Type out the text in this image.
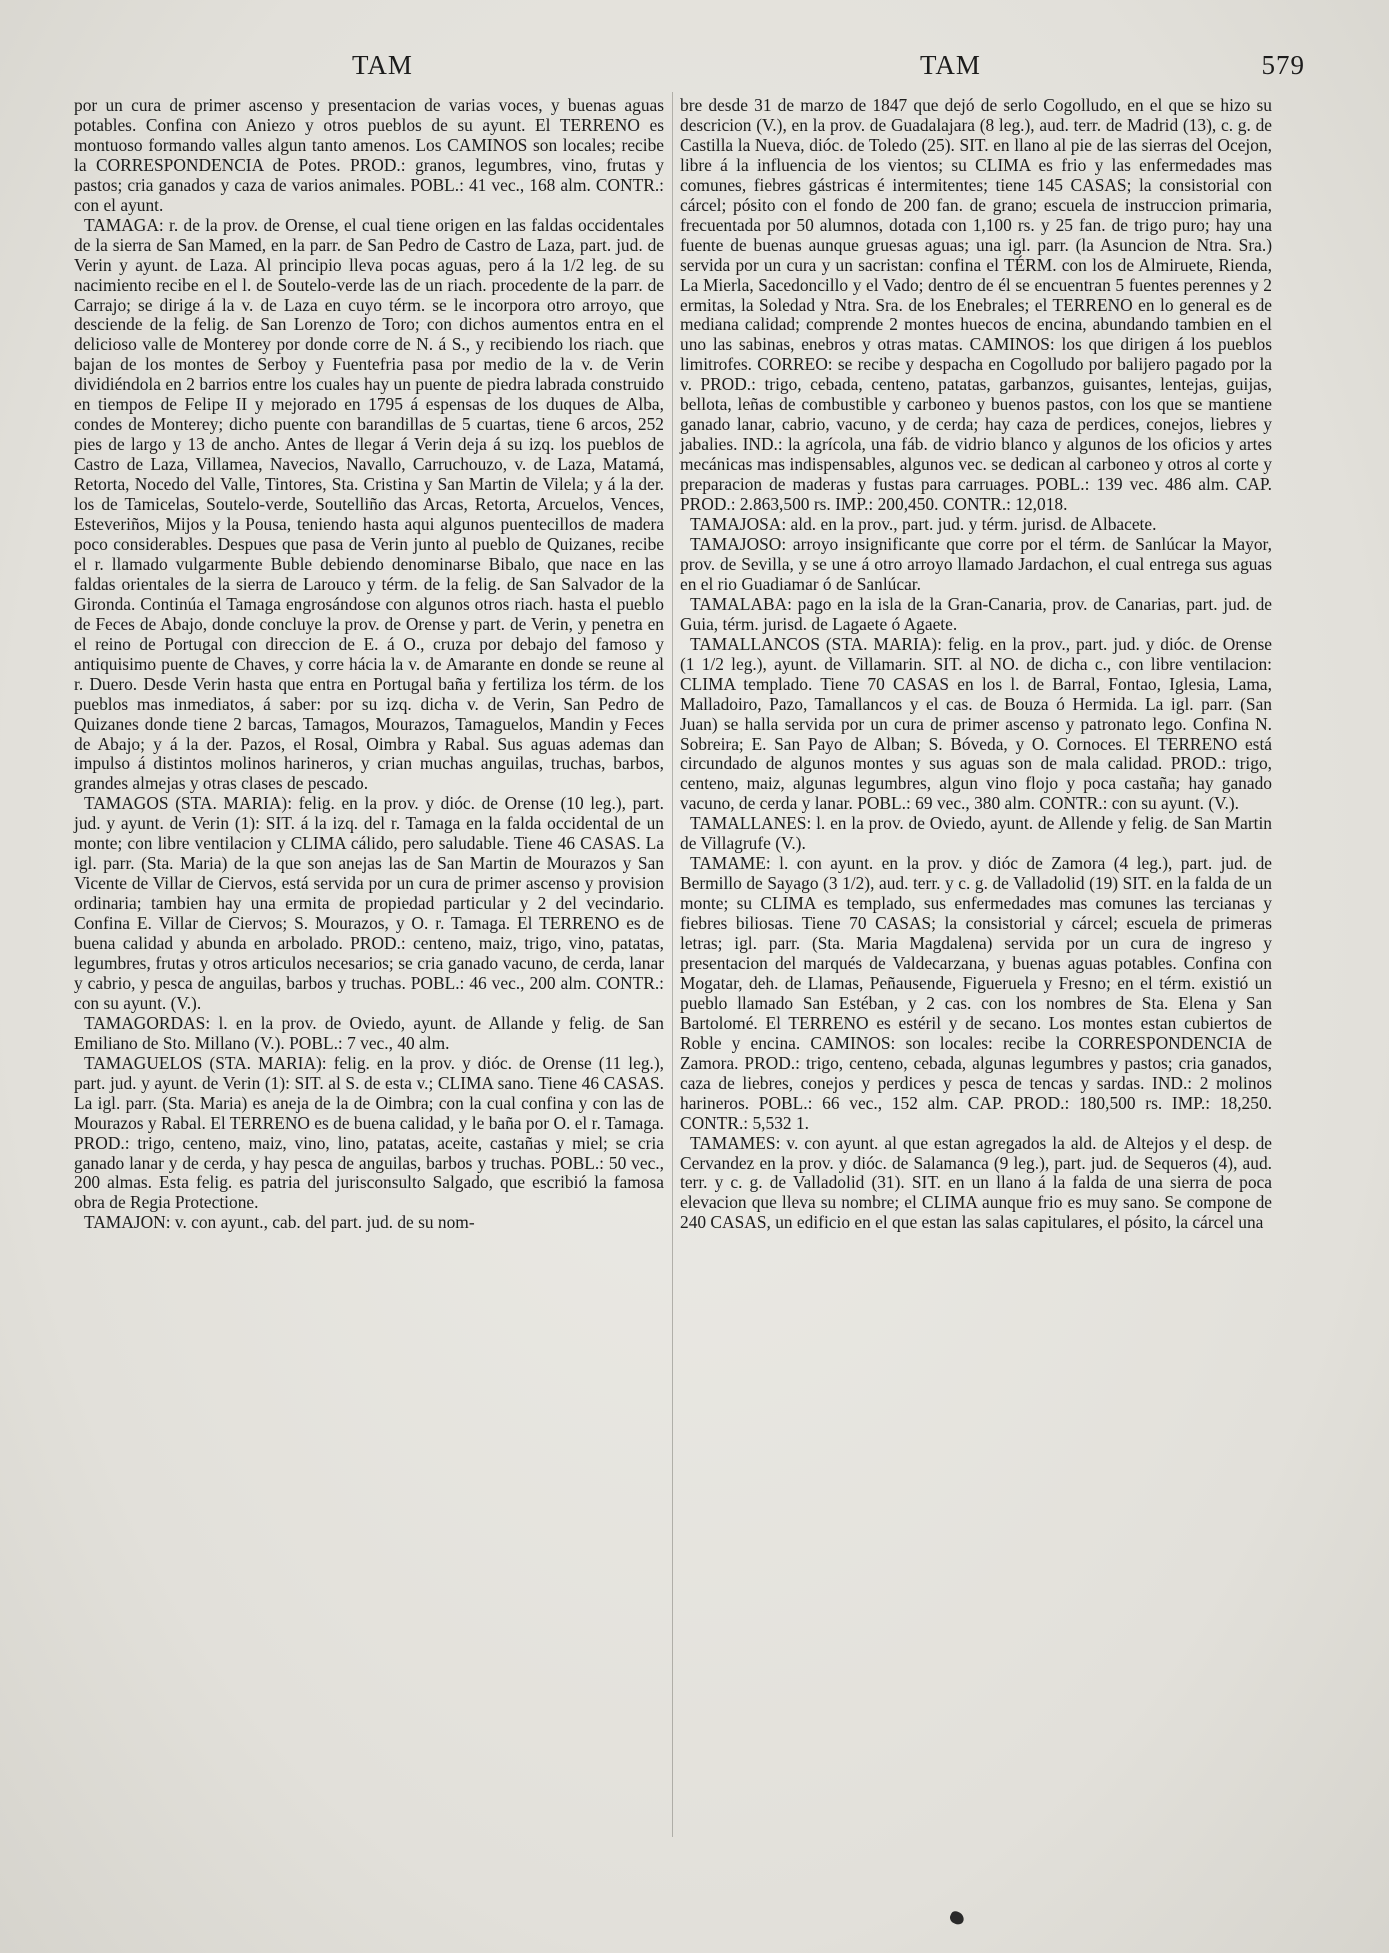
TAM	TAM	579

por un cura de primer ascenso y presentacion de varias voces, y buenas aguas potables. Confina con Aniezo y otros pueblos de su ayunt. El TERRENO es montuoso formando valles algun tanto amenos. Los CAMINOS son locales; recibe la CORRESPONDENCIA de Potes. PROD.: granos, legumbres, vino, frutas y pastos; cria ganados y caza de varios animales. POBL.: 41 vec., 168 alm. CONTR.: con el ayunt.

TAMAGA: r. de la prov. de Orense, el cual tiene origen en las faldas occidentales de la sierra de San Mamed, en la parr. de San Pedro de Castro de Laza, part. jud. de Verin y ayunt. de Laza. Al principio lleva pocas aguas, pero á la 1/2 leg. de su nacimiento recibe en el l. de Soutelo-verde las de un riach. procedente de la parr. de Carrajo; se dirige á la v. de Laza en cuyo térm. se le incorpora otro arroyo, que desciende de la felig. de San Lorenzo de Toro; con dichos aumentos entra en el delicioso valle de Monterey por donde corre de N. á S., y recibiendo los riach. que bajan de los montes de Serboy y Fuentefria pasa por medio de la v. de Verin dividiéndola en 2 barrios entre los cuales hay un puente de piedra labrada construido en tiempos de Felipe II y mejorado en 1795 á espensas de los duques de Alba, condes de Monterey; dicho puente con barandillas de 5 cuartas, tiene 6 arcos, 252 pies de largo y 13 de ancho. Antes de llegar á Verin deja á su izq. los pueblos de Castro de Laza, Villamea, Navecios, Navallo, Carruchouzo, v. de Laza, Matamá, Retorta, Nocedo del Valle, Tintores, Sta. Cristina y San Martin de Vilela; y á la der. los de Tamicelas, Soutelo-verde, Soutelliño das Arcas, Retorta, Arcuelos, Vences, Esteveriños, Mijos y la Pousa, teniendo hasta aqui algunos puentecillos de madera poco considerables. Despues que pasa de Verin junto al pueblo de Quizanes, recibe el r. llamado vulgarmente Buble debiendo denominarse Bibalo, que nace en las faldas orientales de la sierra de Larouco y térm. de la felig. de San Salvador de la Gironda. Continúa el Tamaga engrosándose con algunos otros riach. hasta el pueblo de Feces de Abajo, donde concluye la prov. de Orense y part. de Verin, y penetra en el reino de Portugal con direccion de E. á O., cruza por debajo del famoso y antiquisimo puente de Chaves, y corre hácia la v. de Amarante en donde se reune al r. Duero. Desde Verin hasta que entra en Portugal baña y fertiliza los térm. de los pueblos mas inmediatos, á saber: por su izq. dicha v. de Verin, San Pedro de Quizanes donde tiene 2 barcas, Tamagos, Mourazos, Tamaguelos, Mandin y Feces de Abajo; y á la der. Pazos, el Rosal, Oimbra y Rabal. Sus aguas ademas dan impulso á distintos molinos harineros, y crian muchas anguilas, truchas, barbos, grandes almejas y otras clases de pescado.

TAMAGOS (STA. MARIA): felig. en la prov. y dióc. de Orense (10 leg.), part. jud. y ayunt. de Verin (1): SIT. á la izq. del r. Tamaga en la falda occidental de un monte; con libre ventilacion y CLIMA cálido, pero saludable. Tiene 46 CASAS. La igl. parr. (Sta. Maria) de la que son anejas las de San Martin de Mourazos y San Vicente de Villar de Ciervos, está servida por un cura de primer ascenso y provision ordinaria; tambien hay una ermita de propiedad particular y 2 del vecindario. Confina E. Villar de Ciervos; S. Mourazos, y O. r. Tamaga. El TERRENO es de buena calidad y abunda en arbolado. PROD.: centeno, maiz, trigo, vino, patatas, legumbres, frutas y otros articulos necesarios; se cria ganado vacuno, de cerda, lanar y cabrio, y pesca de anguilas, barbos y truchas. POBL.: 46 vec., 200 alm. CONTR.: con su ayunt. (V.).

TAMAGORDAS: l. en la prov. de Oviedo, ayunt. de Allande y felig. de San Emiliano de Sto. Millano (V.). POBL.: 7 vec., 40 alm.

TAMAGUELOS (STA. MARIA): felig. en la prov. y dióc. de Orense (11 leg.), part. jud. y ayunt. de Verin (1): SIT. al S. de esta v.; CLIMA sano. Tiene 46 CASAS. La igl. parr. (Sta. Maria) es aneja de la de Oimbra; con la cual confina y con las de Mourazos y Rabal. El TERRENO es de buena calidad, y le baña por O. el r. Tamaga. PROD.: trigo, centeno, maiz, vino, lino, patatas, aceite, castañas y miel; se cria ganado lanar y de cerda, y hay pesca de anguilas, barbos y truchas. POBL.: 50 vec., 200 almas. Esta felig. es patria del jurisconsulto Salgado, que escribió la famosa obra de Regia Protectione.

TAMAJON: v. con ayunt., cab. del part. jud. de su nom-

bre desde 31 de marzo de 1847 que dejó de serlo Cogolludo, en el que se hizo su descricion (V.), en la prov. de Guadalajara (8 leg.), aud. terr. de Madrid (13), c. g. de Castilla la Nueva, dióc. de Toledo (25). SIT. en llano al pie de las sierras del Ocejon, libre á la influencia de los vientos; su CLIMA es frio y las enfermedades mas comunes, fiebres gástricas é intermitentes; tiene 145 CASAS; la consistorial con cárcel; pósito con el fondo de 200 fan. de grano; escuela de instruccion primaria, frecuentada por 50 alumnos, dotada con 1,100 rs. y 25 fan. de trigo puro; hay una fuente de buenas aunque gruesas aguas; una igl. parr. (la Asuncion de Ntra. Sra.) servida por un cura y un sacristan: confina el TÉRM. con los de Almiruete, Rienda, La Mierla, Sacedoncillo y el Vado; dentro de él se encuentran 5 fuentes perennes y 2 ermitas, la Soledad y Ntra. Sra. de los Enebrales; el TERRENO en lo general es de mediana calidad; comprende 2 montes huecos de encina, abundando tambien en el uno las sabinas, enebros y otras matas. CAMINOS: los que dirigen á los pueblos limitrofes. CORREO: se recibe y despacha en Cogolludo por balijero pagado por la v. PROD.: trigo, cebada, centeno, patatas, garbanzos, guisantes, lentejas, guijas, bellota, leñas de combustible y carboneo y buenos pastos, con los que se mantiene ganado lanar, cabrio, vacuno, y de cerda; hay caza de perdices, conejos, liebres y jabalies. IND.: la agrícola, una fáb. de vidrio blanco y algunos de los oficios y artes mecánicas mas indispensables, algunos vec. se dedican al carboneo y otros al corte y preparacion de maderas y fustas para carruages. POBL.: 139 vec. 486 alm. CAP. PROD.: 2.863,500 rs. IMP.: 200,450. CONTR.: 12,018.

TAMAJOSA: ald. en la prov., part. jud. y térm. jurisd. de Albacete.

TAMAJOSO: arroyo insignificante que corre por el térm. de Sanlúcar la Mayor, prov. de Sevilla, y se une á otro arroyo llamado Jardachon, el cual entrega sus aguas en el rio Guadiamar ó de Sanlúcar.

TAMALABA: pago en la isla de la Gran-Canaria, prov. de Canarias, part. jud. de Guia, térm. jurisd. de Lagaete ó Agaete.

TAMALLANCOS (STA. MARIA): felig. en la prov., part. jud. y dióc. de Orense (1 1/2 leg.), ayunt. de Villamarin. SIT. al NO. de dicha c., con libre ventilacion: CLIMA templado. Tiene 70 CASAS en los l. de Barral, Fontao, Iglesia, Lama, Malladoiro, Pazo, Tamallancos y el cas. de Bouza ó Hermida. La igl. parr. (San Juan) se halla servida por un cura de primer ascenso y patronato lego. Confina N. Sobreira; E. San Payo de Alban; S. Bóveda, y O. Cornoces. El TERRENO está circundado de algunos montes y sus aguas son de mala calidad. PROD.: trigo, centeno, maiz, algunas legumbres, algun vino flojo y poca castaña; hay ganado vacuno, de cerda y lanar. POBL.: 69 vec., 380 alm. CONTR.: con su ayunt. (V.).

TAMALLANES: l. en la prov. de Oviedo, ayunt. de Allende y felig. de San Martin de Villagrufe (V.).

TAMAME: l. con ayunt. en la prov. y dióc de Zamora (4 leg.), part. jud. de Bermillo de Sayago (3 1/2), aud. terr. y c. g. de Valladolid (19) SIT. en la falda de un monte; su CLIMA es templado, sus enfermedades mas comunes las tercianas y fiebres biliosas. Tiene 70 CASAS; la consistorial y cárcel; escuela de primeras letras; igl. parr. (Sta. Maria Magdalena) servida por un cura de ingreso y presentacion del marqués de Valdecarzana, y buenas aguas potables. Confina con Mogatar, deh. de Llamas, Peñausende, Figueruela y Fresno; en el térm. existió un pueblo llamado San Estéban, y 2 cas. con los nombres de Sta. Elena y San Bartolomé. El TERRENO es estéril y de secano. Los montes estan cubiertos de Roble y encina. CAMINOS: son locales: recibe la CORRESPONDENCIA de Zamora. PROD.: trigo, centeno, cebada, algunas legumbres y pastos; cria ganados, caza de liebres, conejos y perdices y pesca de tencas y sardas. IND.: 2 molinos harineros. POBL.: 66 vec., 152 alm. CAP. PROD.: 180,500 rs. IMP.: 18,250. CONTR.: 5,532 1.

TAMAMES: v. con ayunt. al que estan agregados la ald. de Altejos y el desp. de Cervandez en la prov. y dióc. de Salamanca (9 leg.), part. jud. de Sequeros (4), aud. terr. y c. g. de Valladolid (31). SIT. en un llano á la falda de una sierra de poca elevacion que lleva su nombre; el CLIMA aunque frio es muy sano. Se compone de 240 CASAS, un edificio en el que estan las salas capitulares, el pósito, la cárcel una
